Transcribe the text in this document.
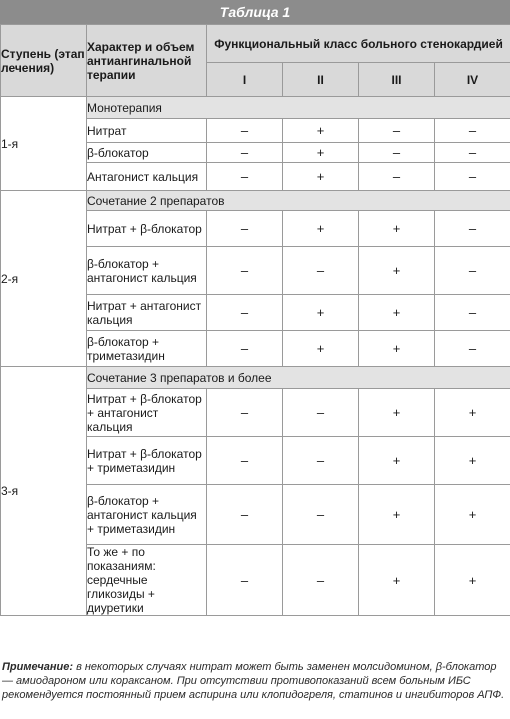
Таблица 1
Ступень (этап лечения)	Характер и объем антиангинальной терапии	Функциональный класс больного стенокардией			
		I	II	III	IV
1-я	Монотерапия				
	Нитрат	–	+	–	–
	β-блокатор	–	+	–	–
	Антагонист кальция	–	+	–	–
2-я	Сочетание 2 препаратов				
	Нитрат + β-блокатор	–	+	+	–
	β-блокатор + антагонист кальция	–	–	+	–
	Нитрат + антагонист кальция	–	+	+	–
	β-блокатор + триметазидин	–	+	+	–
3-я	Сочетание 3 препаратов и более				
	Нитрат + β-блокатор + антагонист кальция	–	–	+	+
	Нитрат + β-блокатор + триметазидин	–	–	+	+
	β-блокатор + антагонист кальция + триметазидин	–	–	+	+
	То же + по показаниям: сердечные гликозиды + диуретики	–	–	+	+
Примечание: в некоторых случаях нитрат может быть заменен молсидомином, β-блокатор — амиодароном или кораксаном. При отсутствии противопоказаний всем больным ИБС рекомендуется постоянный прием аспирина или клопидогреля, статинов и ингибиторов АПФ.
